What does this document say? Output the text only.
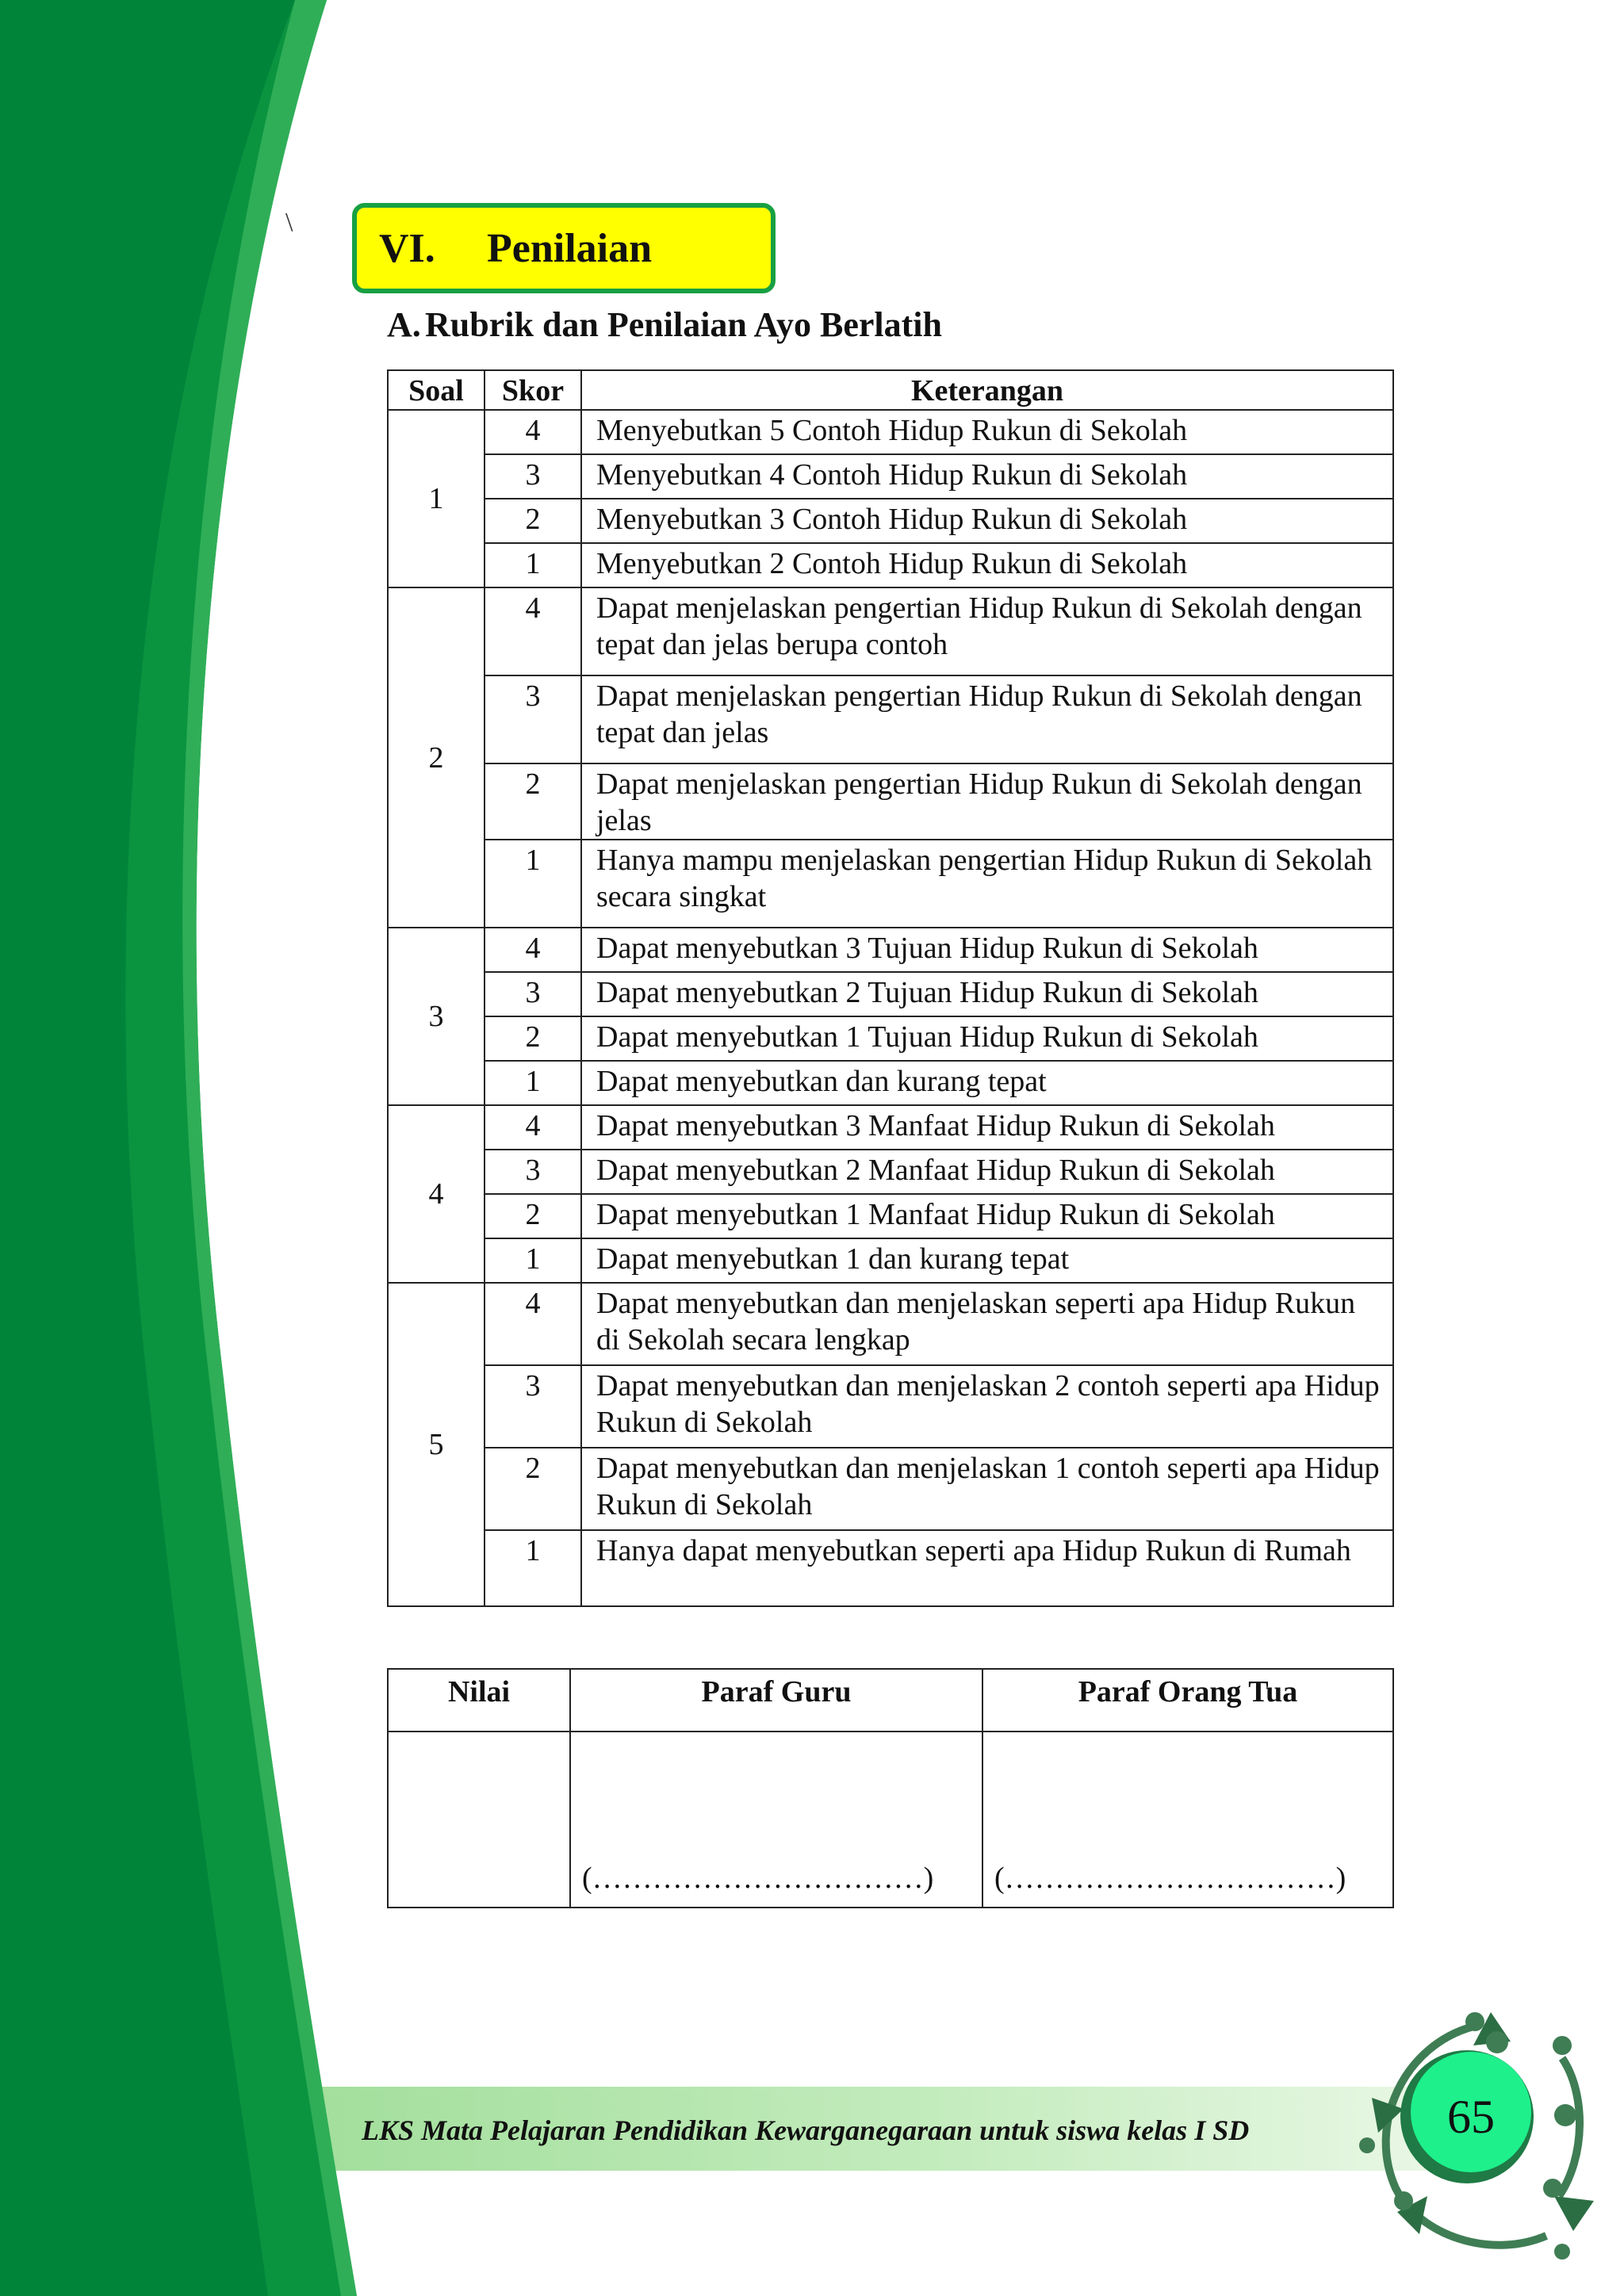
\
VI.	Penilaian
A. Rubrik dan Penilaian Ayo Berlatih
Soal	Skor	Keterangan
1	4	Menyebutkan 5 Contoh Hidup Rukun di Sekolah
	3	Menyebutkan 4 Contoh Hidup Rukun di Sekolah
	2	Menyebutkan 3 Contoh Hidup Rukun di Sekolah
	1	Menyebutkan 2 Contoh Hidup Rukun di Sekolah
2	4	Dapat menjelaskan pengertian Hidup Rukun di Sekolah dengan tepat dan jelas berupa contoh
	3	Dapat menjelaskan pengertian Hidup Rukun di Sekolah dengan tepat dan jelas
	2	Dapat menjelaskan pengertian Hidup Rukun di Sekolah dengan jelas
	1	Hanya mampu menjelaskan pengertian Hidup Rukun di Sekolah secara singkat
3	4	Dapat menyebutkan 3 Tujuan Hidup Rukun di Sekolah
	3	Dapat menyebutkan 2 Tujuan Hidup Rukun di Sekolah
	2	Dapat menyebutkan 1 Tujuan Hidup Rukun di Sekolah
	1	Dapat menyebutkan dan kurang tepat
4	4	Dapat menyebutkan 3 Manfaat Hidup Rukun di Sekolah
	3	Dapat menyebutkan 2 Manfaat Hidup Rukun di Sekolah
	2	Dapat menyebutkan 1 Manfaat Hidup Rukun di Sekolah
	1	Dapat menyebutkan 1 dan kurang tepat
5	4	Dapat menyebutkan dan menjelaskan seperti apa Hidup Rukun di Sekolah secara lengkap
	3	Dapat menyebutkan dan menjelaskan 2 contoh seperti apa Hidup Rukun di Sekolah
	2	Dapat menyebutkan dan menjelaskan 1 contoh seperti apa Hidup Rukun di Sekolah
	1	Hanya dapat menyebutkan seperti apa Hidup Rukun di Rumah
Nilai	Paraf Guru	Paraf Orang Tua
	(……………………………)	(……………………………)
LKS Mata Pelajaran Pendidikan Kewarganegaraan untuk siswa kelas I SD	65
